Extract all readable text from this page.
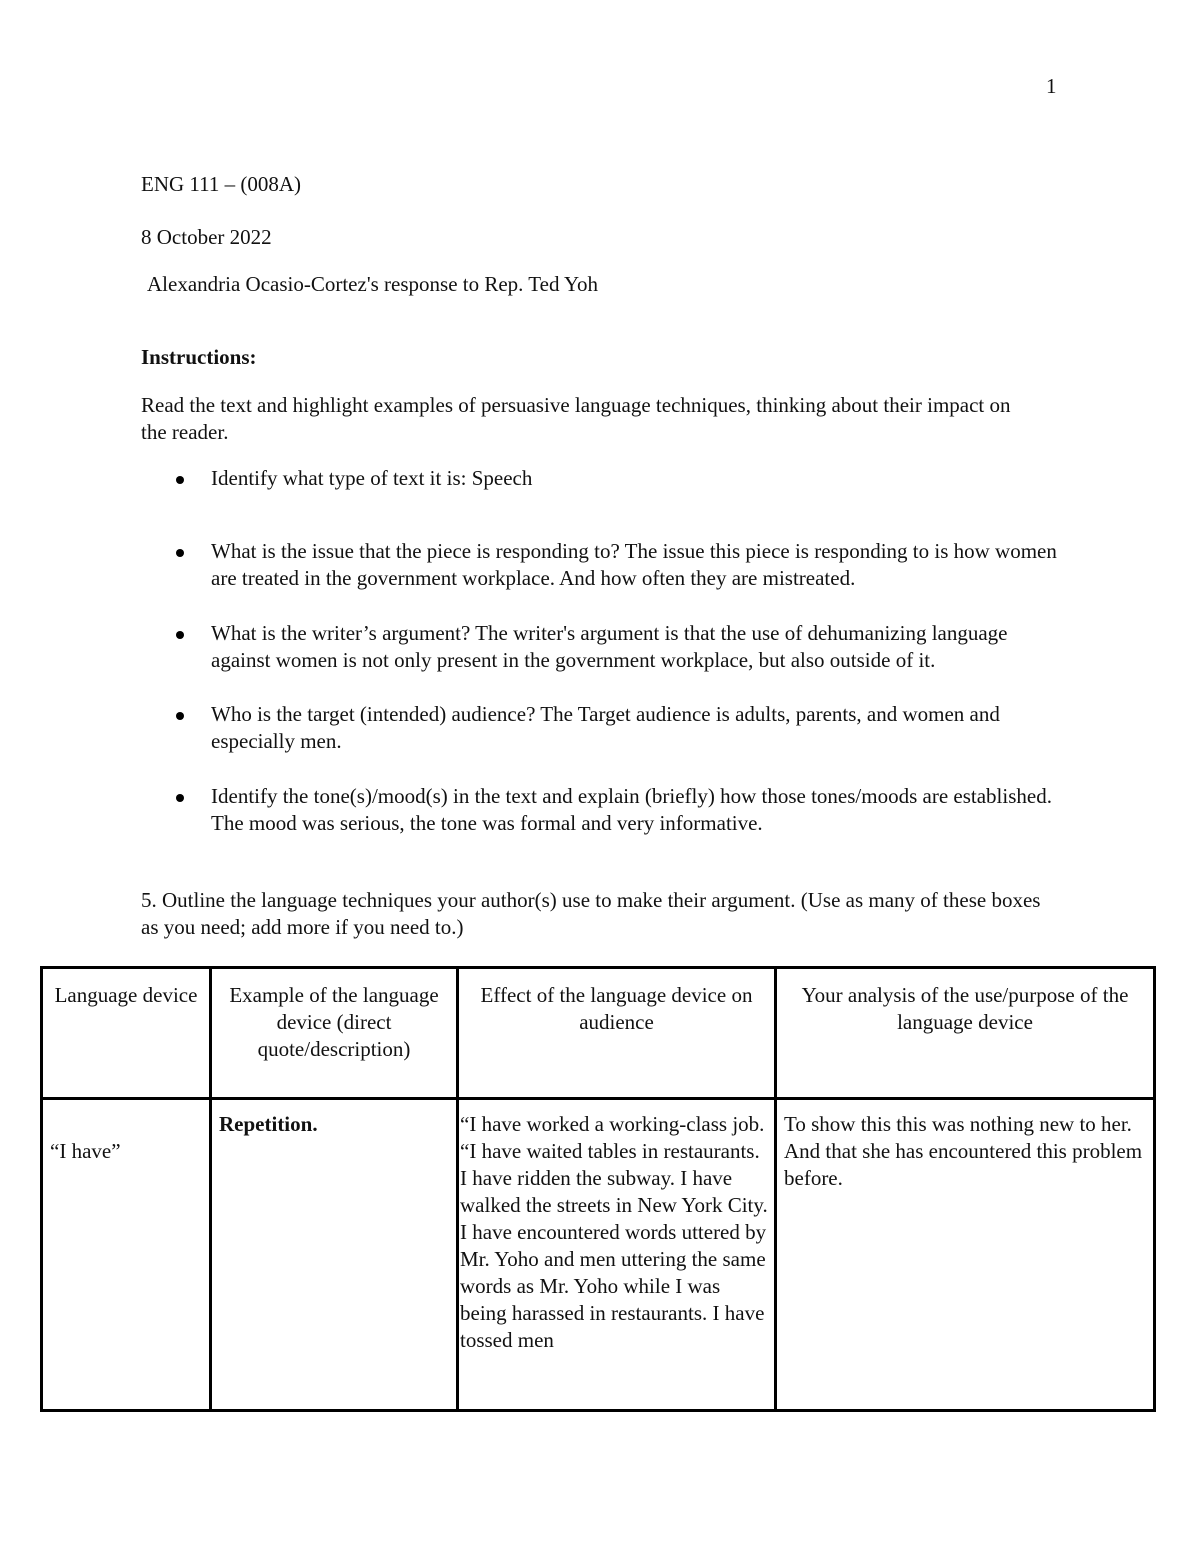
1
ENG 111 – (008A)
8 October 2022
Alexandria Ocasio-Cortez's response to Rep. Ted Yoh
Instructions:
Read the text and highlight examples of persuasive language techniques, thinking about their impact on the reader.
Identify what type of text it is: Speech
What is the issue that the piece is responding to? The issue this piece is responding to is how women are treated in the government workplace. And how often they are mistreated.
What is the writer’s argument? The writer's argument is that the use of dehumanizing language against women is not only present in the government workplace, but also outside of it.
Who is the target (intended) audience? The Target audience is adults, parents, and women and especially men.
Identify the tone(s)/mood(s) in the text and explain (briefly) how those tones/moods are established. The mood was serious, the tone was formal and very informative.
5. Outline the language techniques your author(s) use to make their argument. (Use as many of these boxes as you need; add more if you need to.)
Language device	Example of the language device (direct quote/description)	Effect of the language device on audience	Your analysis of the use/purpose of the language device

“I have”	Repetition.	“I have worked a working-class job. “I have waited tables in restaurants. I have ridden the subway. I have walked the streets in New York City. I have encountered words uttered by Mr. Yoho and men uttering the same words as Mr. Yoho while I was being harassed in restaurants. I have tossed men	To show this this was nothing new to her. And that she has encountered this problem before.
